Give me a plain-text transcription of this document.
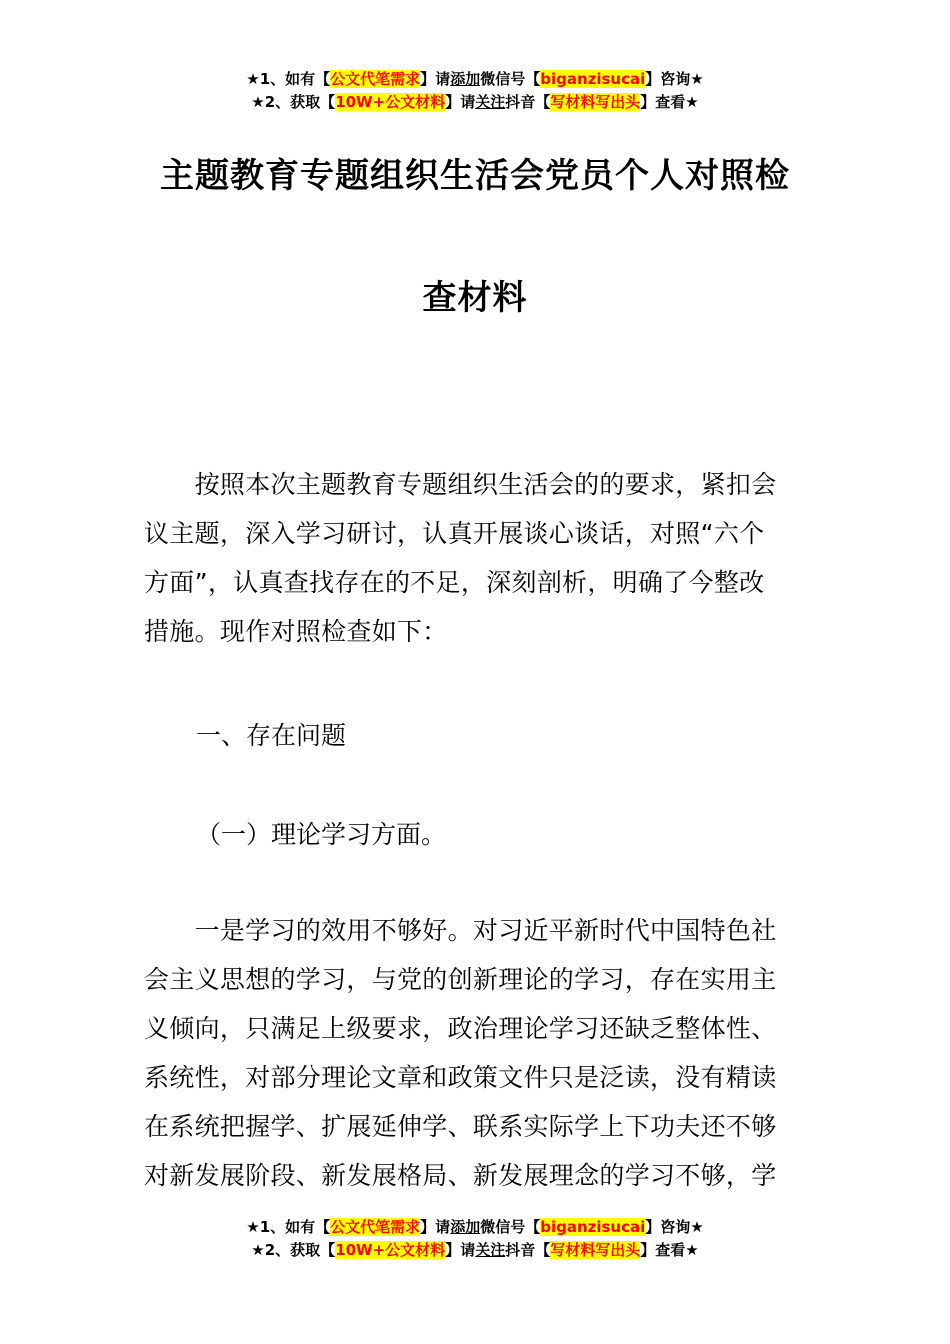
★1、如有【公文代笔需求】请添加微信号【biganzisucai】咨询★
★2、获取【10W+公文材料】请关注抖音【写材料写出头】查看★
主题教育专题组织生活会党员个人对照检
查材料
　　按照本次主题教育专题组织生活会的的要求，紧扣会
议主题，深入学习研讨，认真开展谈心谈话，对照“六个
方面”，认真查找存在的不足，深刻剖析，明确了今整改
措施。现作对照检查如下：
一、存在问题
（一）理论学习方面。
　　一是学习的效用不够好。对习近平新时代中国特色社
会主义思想的学习，与党的创新理论的学习，存在实用主
义倾向，只满足上级要求，政治理论学习还缺乏整体性、
系统性，对部分理论文章和政策文件只是泛读，没有精读
在系统把握学、扩展延伸学、联系实际学上下功夫还不够
对新发展阶段、新发展格局、新发展理念的学习不够，学
★1、如有【公文代笔需求】请添加微信号【biganzisucai】咨询★
★2、获取【10W+公文材料】请关注抖音【写材料写出头】查看★
